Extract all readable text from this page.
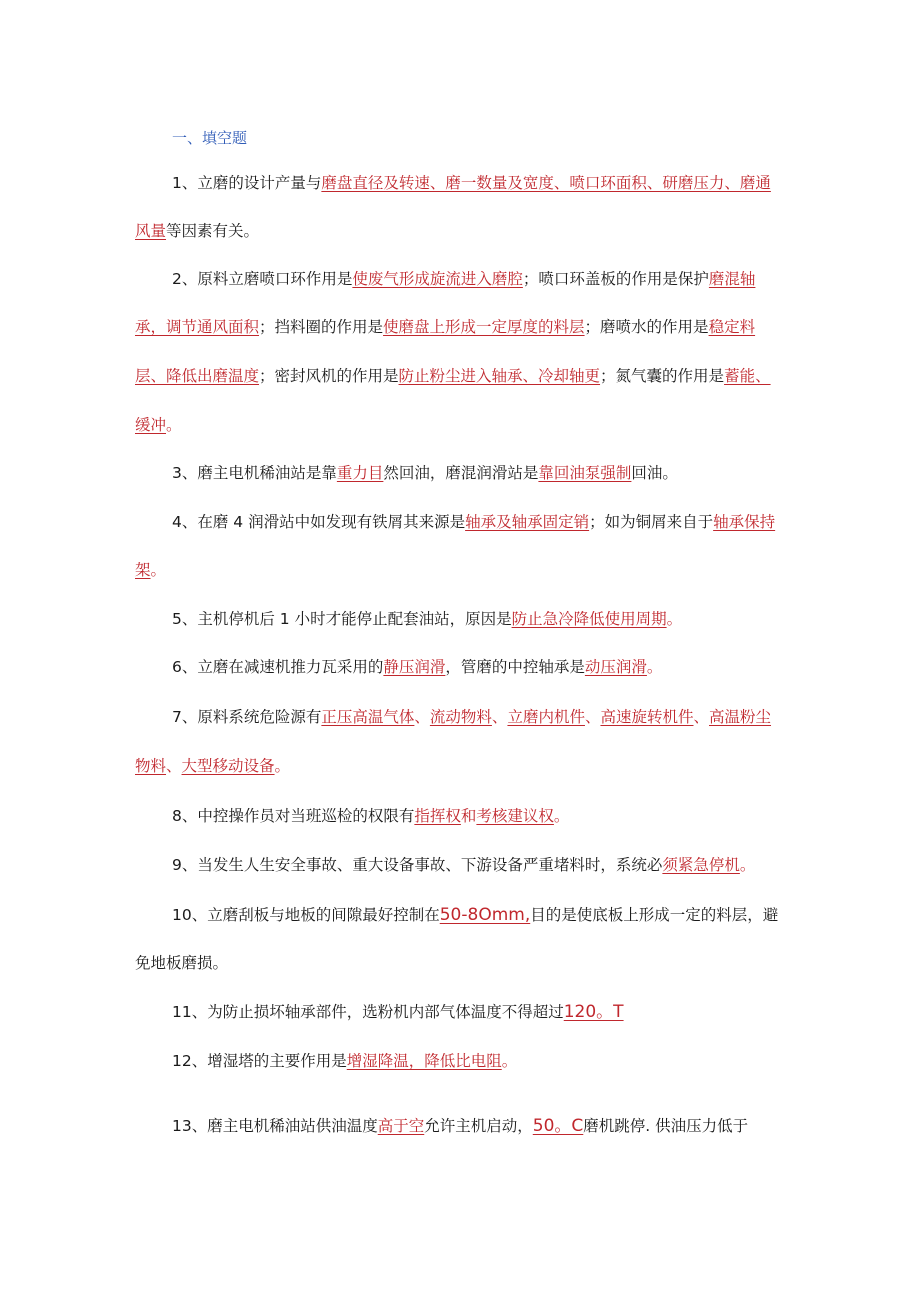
一、填空题
1、立磨的设计产量与磨盘直径及转速、磨一数量及宽度、喷口环面积、研磨压力、磨通
风量等因素有关。
2、原料立磨喷口环作用是使废气形成旋流进入磨腔；喷口环盖板的作用是保护磨混轴
承，调节通风面积；挡料圈的作用是使磨盘上形成一定厚度的料层；磨喷水的作用是稳定料
层、降低出磨温度；密封风机的作用是防止粉尘进入轴承、冷却轴更；氮气囊的作用是蓄能、
缓冲。
3、磨主电机稀油站是靠重力目然回油，磨混润滑站是靠回油泵强制回油。
4、在磨 4 润滑站中如发现有铁屑其来源是轴承及轴承固定销；如为铜屑来自于轴承保持
架。
5、主机停机后 1 小时才能停止配套油站，原因是防止急冷降低使用周期。
6、立磨在减速机推力瓦采用的静压润滑，管磨的中控轴承是动压润滑。
7、原料系统危险源有正压高温气体、流动物料、立磨内机件、高速旋转机件、高温粉尘
物料、大型移动设备。
8、中控操作员对当班巡检的权限有指挥权和考核建议权。
9、当发生人生安全事故、重大设备事故、下游设备严重堵料时，系统必须紧急停机。
10、立磨刮板与地板的间隙最好控制在50-8Omm,目的是使底板上形成一定的料层，避
免地板磨损。
11、为防止损坏轴承部件，选粉机内部气体温度不得超过120。T
12、增湿塔的主要作用是增湿降温，降低比电阻。
13、磨主电机稀油站供油温度高于空允许主机启动，50。C磨机跳停. 供油压力低于
